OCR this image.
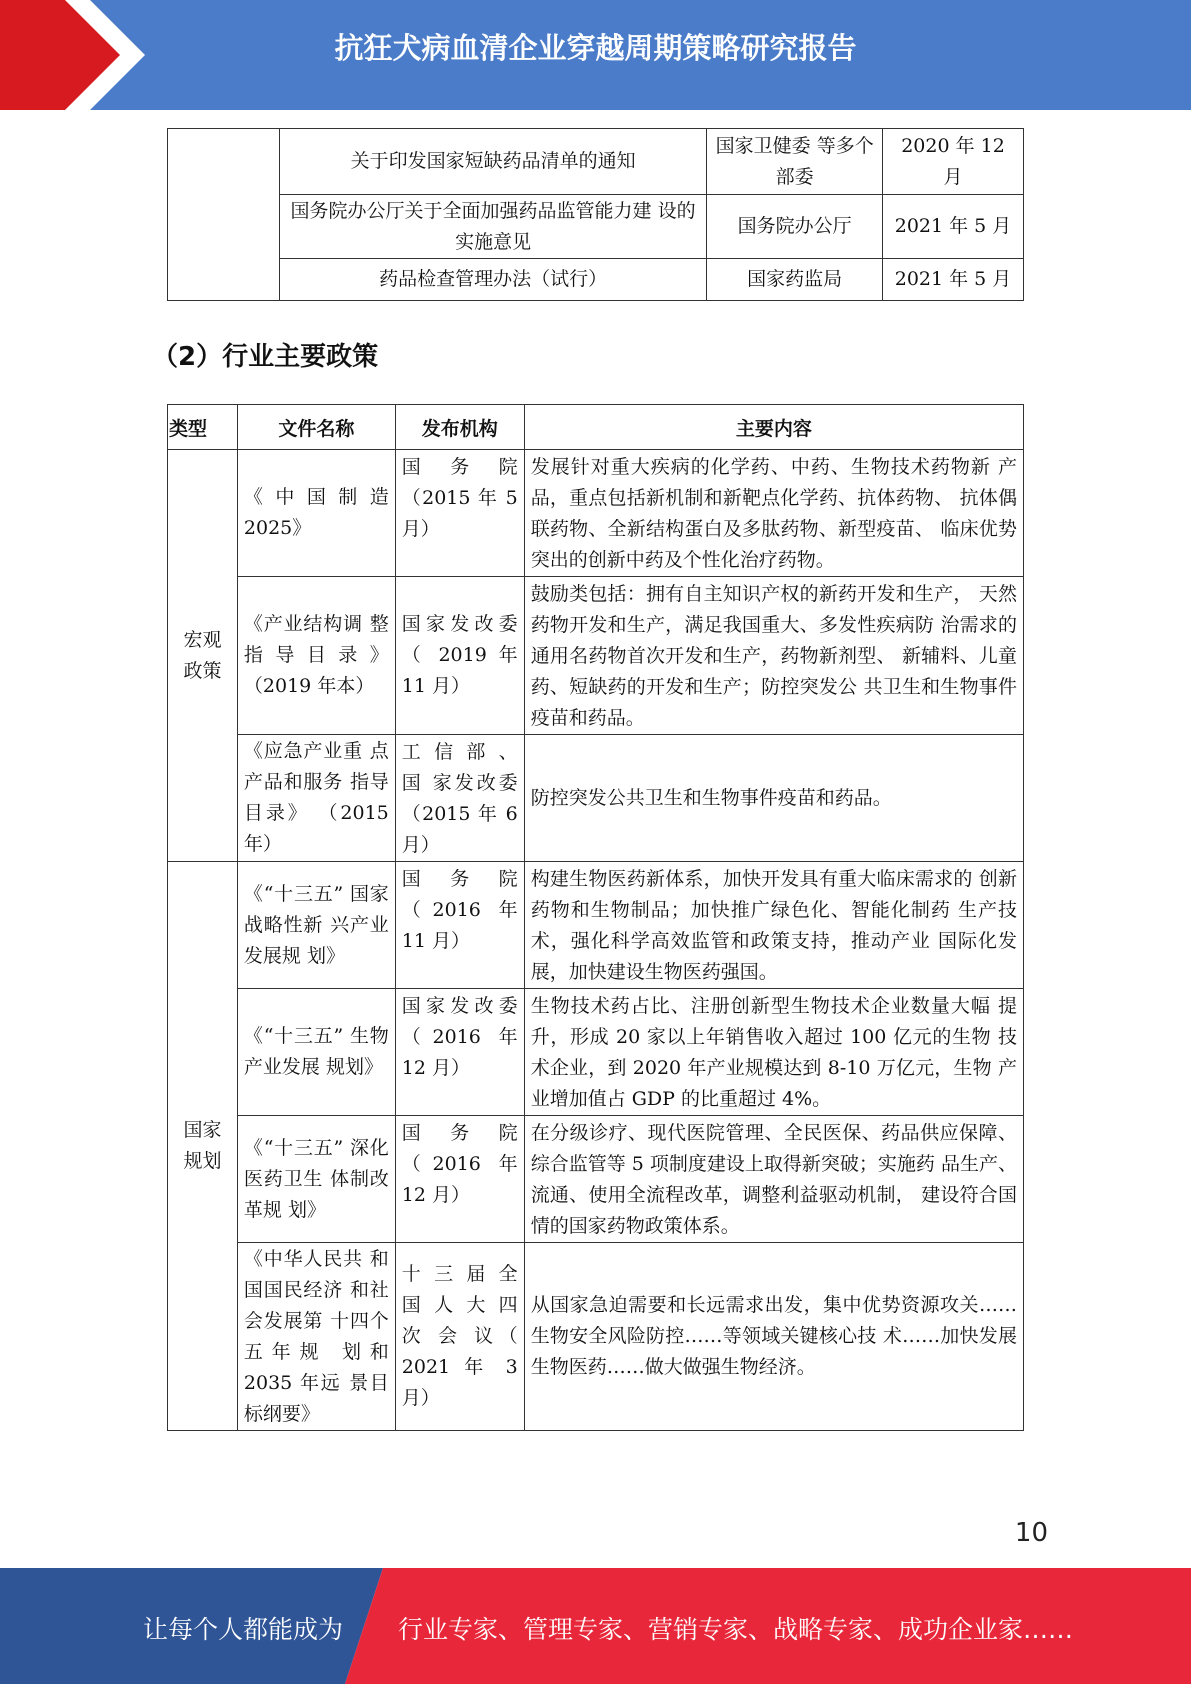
抗狂犬病血清企业穿越周期策略研究报告
	关于印发国家短缺药品清单的通知	国家卫健委 等多个部委	2020 年 12 月
	国务院办公厅关于全面加强药品监管能力建 设的实施意见	国务院办公厅	2021 年 5 月
	药品检查管理办法（试行）	国家药监局	2021 年 5 月
（2）行业主要政策
类型	文件名称	发布机构	主要内容
宏观政策	《中国制造 2025》	国务院 （2015 年 5 月）	发展针对重大疾病的化学药、中药、生物技术药物新 产品，重点包括新机制和新靶点化学药、抗体药物、 抗体偶联药物、全新结构蛋白及多肽药物、新型疫苗、 临床优势突出的创新中药及个性化治疗药物。
	《产业结构调 整指导目录》 （2019 年本）	国家发改委 （ 2019 年 11 月）	鼓励类包括：拥有自主知识产权的新药开发和生产， 天然药物开发和生产，满足我国重大、多发性疾病防 治需求的通用名药物首次开发和生产，药物新剂型、 新辅料、儿童药、短缺药的开发和生产；防控突发公 共卫生和生物事件疫苗和药品。
	《应急产业重 点产品和服务 指导目录》 （2015 年）	工 信 部 、 国 家发改委 （2015 年 6 月）	防控突发公共卫生和生物事件疫苗和药品。
国家规划	《“十三五” 国家战略性新 兴产业发展规 划》	国务院 （2016 年 11 月）	构建生物医药新体系，加快开发具有重大临床需求的 创新药物和生物制品；加快推广绿色化、智能化制药 生产技术，强化科学高效监管和政策支持，推动产业 国际化发展，加快建设生物医药强国。
	《“十三五” 生物产业发展 规划》	国家发改委 （2016 年 12 月）	生物技术药占比、注册创新型生物技术企业数量大幅 提升，形成 20 家以上年销售收入超过 100 亿元的生物 技术企业，到 2020 年产业规模达到 8-10 万亿元，生物 产业增加值占 GDP 的比重超过 4%。
	《“十三五” 深化医药卫生 体制改革规 划》	国务院 （2016 年 12 月）	在分级诊疗、现代医院管理、全民医保、药品供应保障、综合监管等 5 项制度建设上取得新突破；实施药 品生产、流通、使用全流程改革，调整利益驱动机制， 建设符合国情的国家药物政策体系。
	《中华人民共 和国国民经济 和社会发展第 十四个五年规 划和 2035 年远 景目标纲要》	十 三 届 全 国 人 大 四 次 会 议（ 2021 年 3 月）	从国家急迫需要和长远需求出发，集中优势资源攻关……生物安全风险防控……等领域关键核心技 术……加快发展生物医药……做大做强生物经济。
10
让每个人都能成为 行业专家、管理专家、营销专家、战略专家、成功企业家……
